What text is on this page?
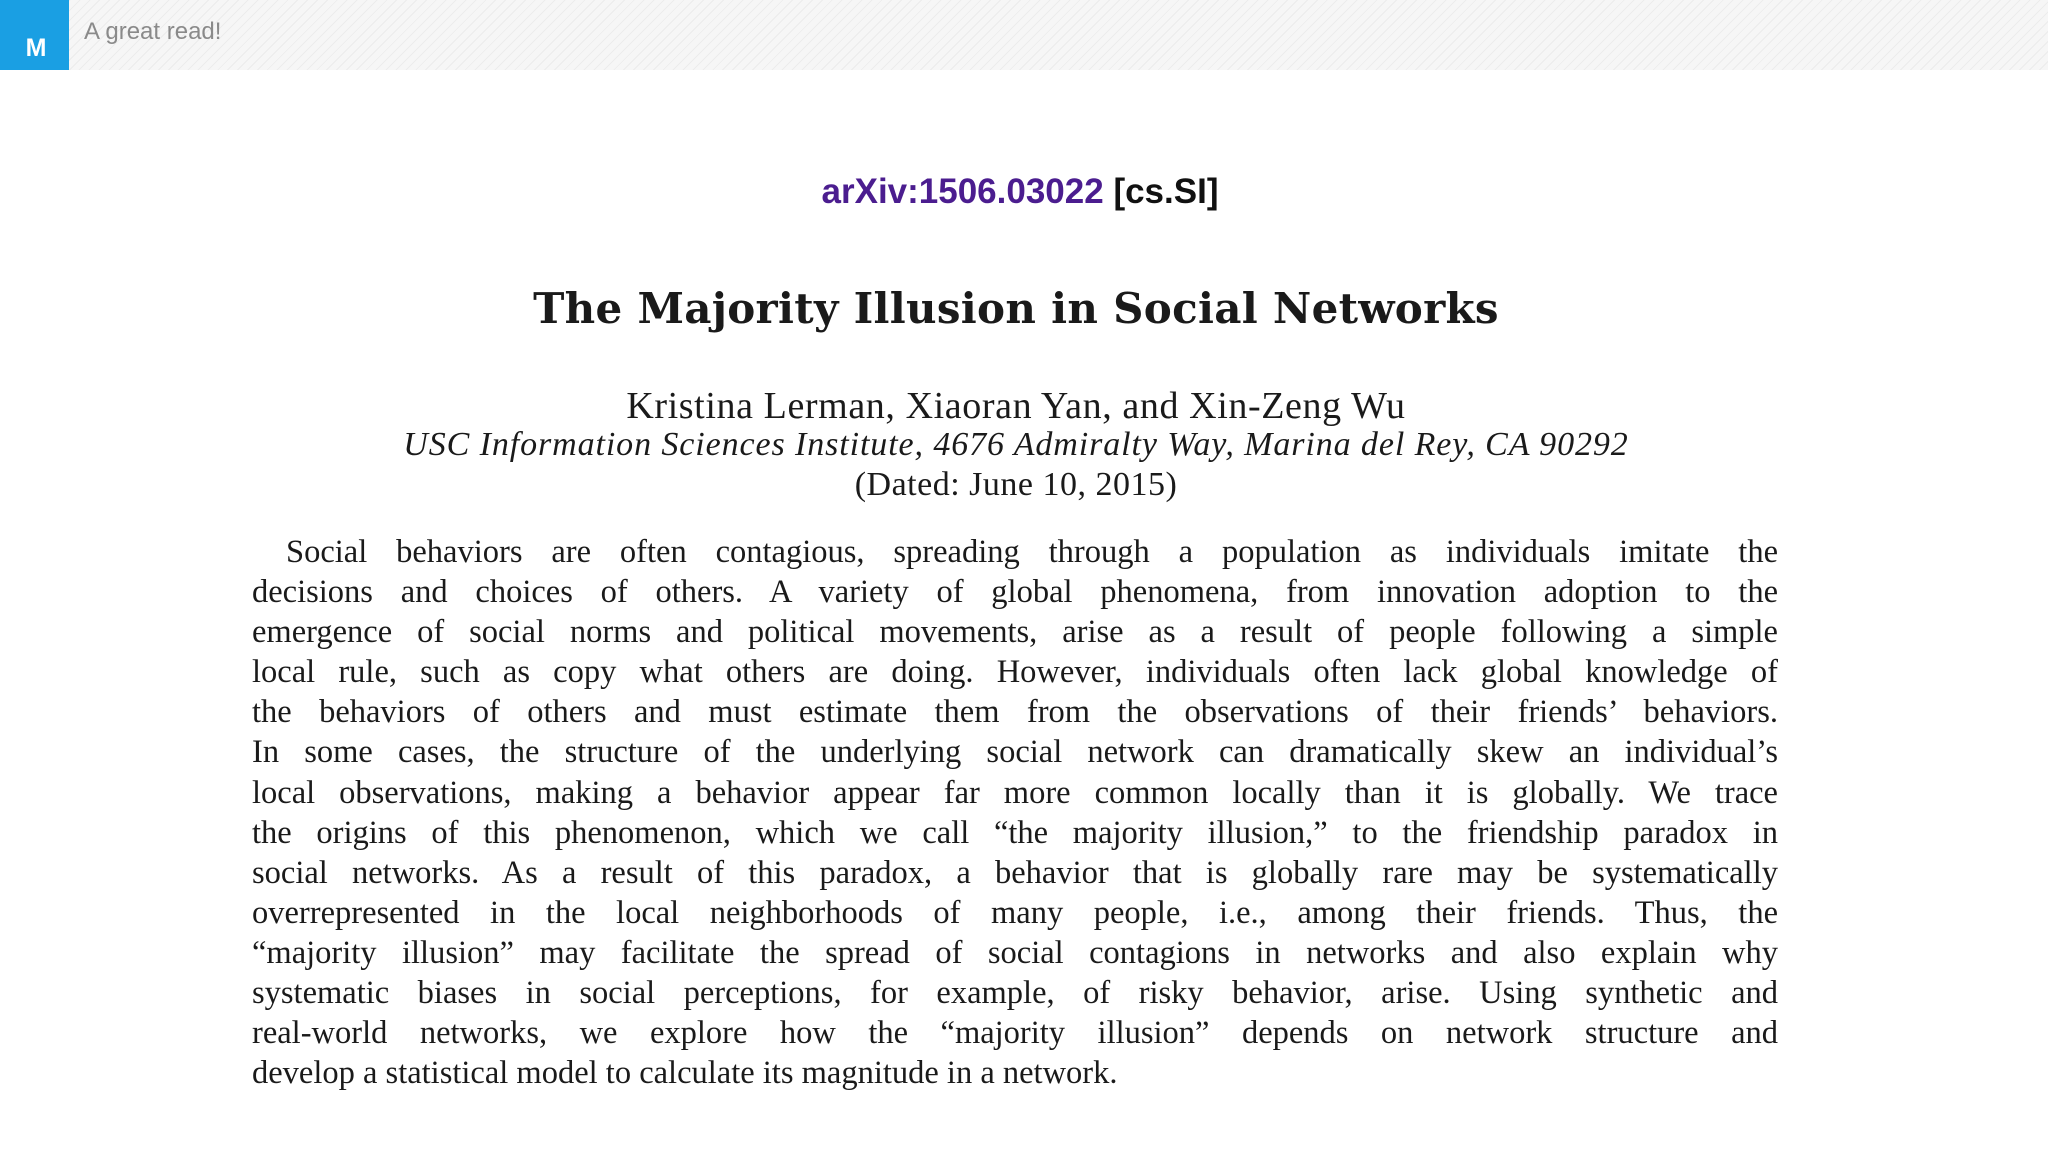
M
A great read!
arXiv:1506.03022 [cs.SI]
The Majority Illusion in Social Networks
Kristina Lerman, Xiaoran Yan, and Xin-Zeng Wu
USC Information Sciences Institute, 4676 Admiralty Way, Marina del Rey, CA 90292
(Dated: June 10, 2015)
Social behaviors are often contagious, spreading through a population as individuals imitate the
decisions and choices of others. A variety of global phenomena, from innovation adoption to the
emergence of social norms and political movements, arise as a result of people following a simple
local rule, such as copy what others are doing. However, individuals often lack global knowledge of
the behaviors of others and must estimate them from the observations of their friends’ behaviors.
In some cases, the structure of the underlying social network can dramatically skew an individual’s
local observations, making a behavior appear far more common locally than it is globally. We trace
the origins of this phenomenon, which we call “the majority illusion,” to the friendship paradox in
social networks. As a result of this paradox, a behavior that is globally rare may be systematically
overrepresented in the local neighborhoods of many people, i.e., among their friends. Thus, the
“majority illusion” may facilitate the spread of social contagions in networks and also explain why
systematic biases in social perceptions, for example, of risky behavior, arise. Using synthetic and
real-world networks, we explore how the “majority illusion” depends on network structure and
develop a statistical model to calculate its magnitude in a network.
